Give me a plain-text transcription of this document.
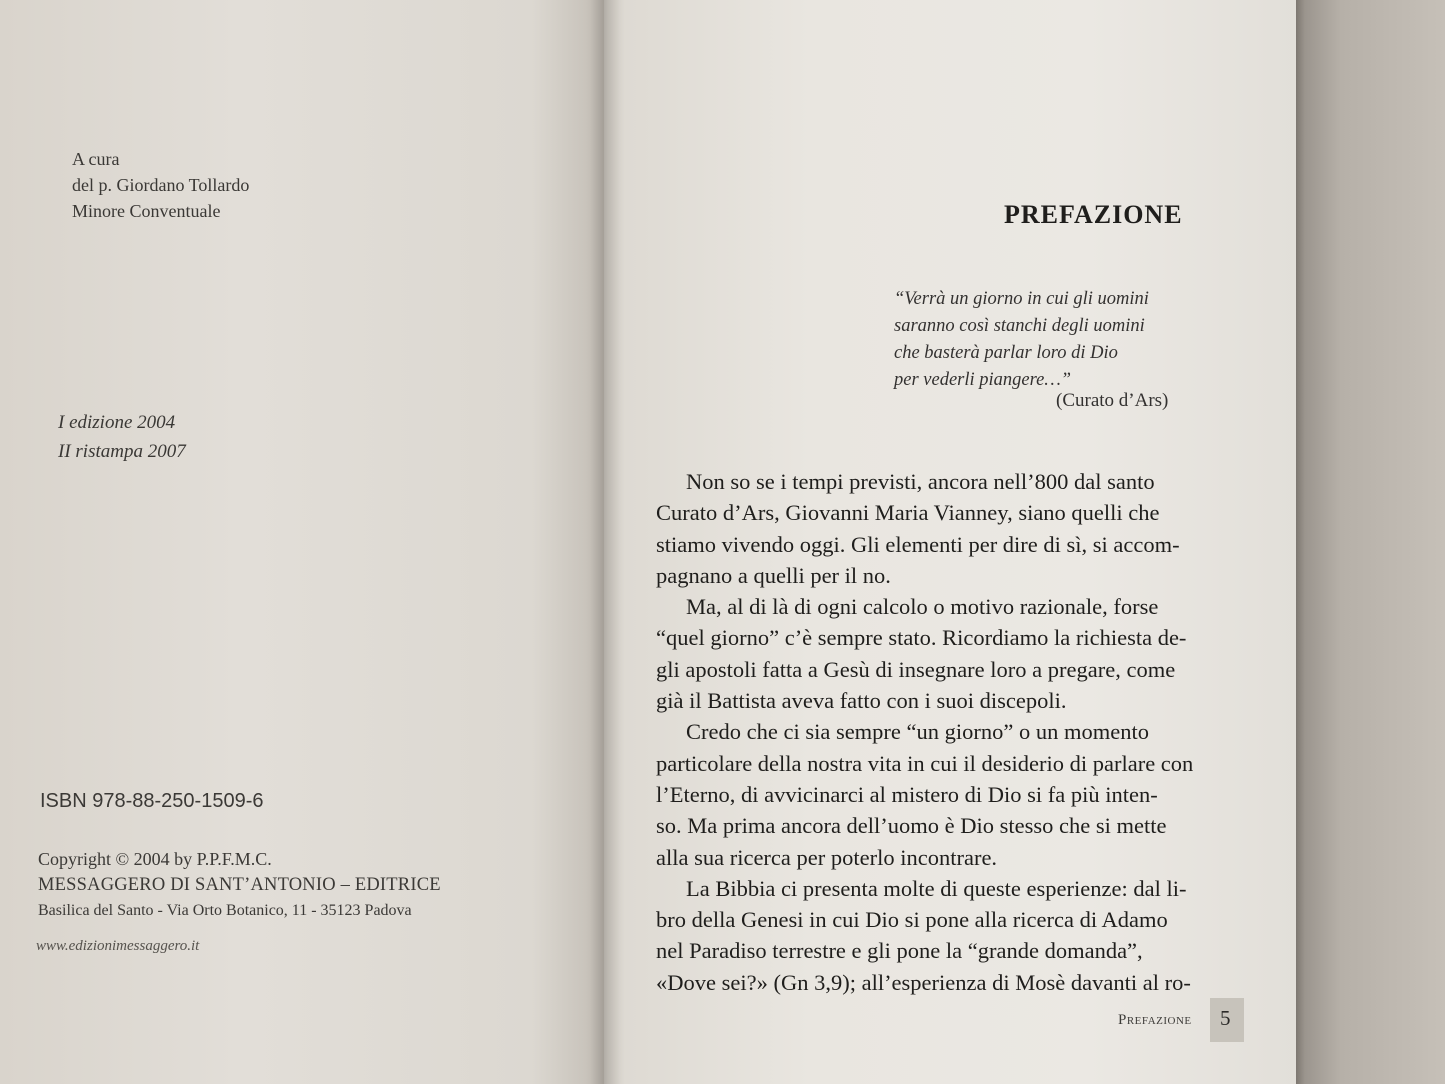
A cura
del p. Giordano Tollardo
Minore Conventuale
I edizione 2004
II ristampa 2007
ISBN 978-88-250-1509-6
Copyright © 2004 by P.P.F.M.C.
MESSAGGERO DI SANT’ANTONIO – EDITRICE
Basilica del Santo - Via Orto Botanico, 11 - 35123 Padova
www.edizionimessaggero.it
PREFAZIONE
“Verrà un giorno in cui gli uomini
saranno così stanchi degli uomini
che basterà parlar loro di Dio
per vederli piangere…”
(Curato d’Ars)
Non so se i tempi previsti, ancora nell’800 dal santo
Curato d’Ars, Giovanni Maria Vianney, siano quelli che
stiamo vivendo oggi. Gli elementi per dire di sì, si accom-
pagnano a quelli per il no.
Ma, al di là di ogni calcolo o motivo razionale, forse
“quel giorno” c’è sempre stato. Ricordiamo la richiesta de-
gli apostoli fatta a Gesù di insegnare loro a pregare, come
già il Battista aveva fatto con i suoi discepoli.
Credo che ci sia sempre “un giorno” o un momento
particolare della nostra vita in cui il desiderio di parlare con
l’Eterno, di avvicinarci al mistero di Dio si fa più inten-
so. Ma prima ancora dell’uomo è Dio stesso che si mette
alla sua ricerca per poterlo incontrare.
La Bibbia ci presenta molte di queste esperienze: dal li-
bro della Genesi in cui Dio si pone alla ricerca di Adamo
nel Paradiso terrestre e gli pone la “grande domanda”,
«Dove sei?» (Gn 3,9); all’esperienza di Mosè davanti al ro-
Prefazione 5
